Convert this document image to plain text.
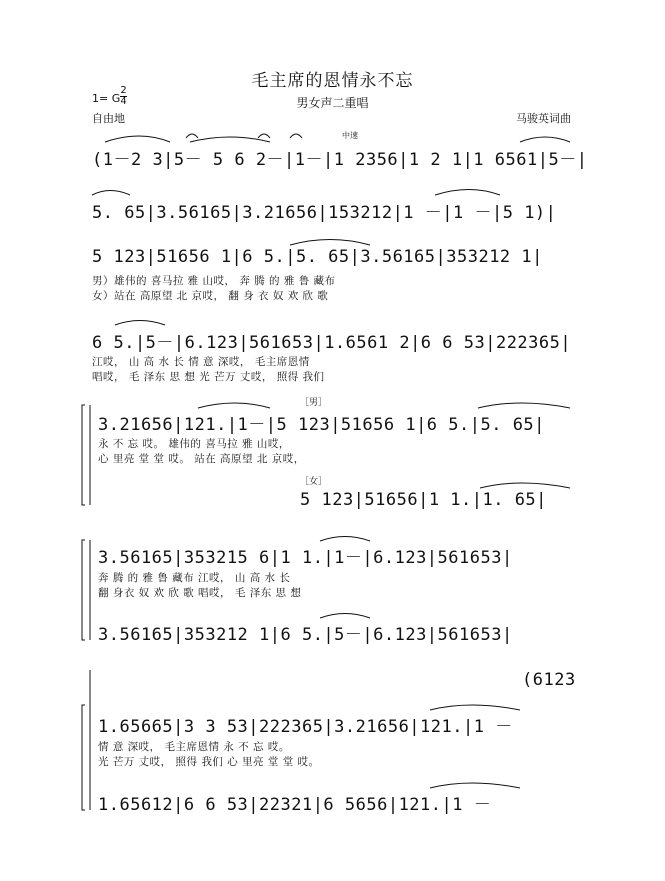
毛主席的恩情永不忘
男女声二重唱
1= G
2
4
自由地	马骏英词曲
中速
(1－2 3|5－ 5 6 2－|1－|1 2356|1 2 1|1 6561|5－|
5. 65|3.56165|3.21656|153212|1 －|1 －|5 1)|
5 123|51656 1|6 5.|5. 65|3.56165|353212 1|
男）雄伟的 喜马拉 雅 山哎， 奔 腾 的 雅 鲁 藏布
女）站在 高原望 北 京哎， 翻 身 衣 奴 欢 欣 歌
6 5.|5－|6.123|561653|1.6561 2|6 6 53|222365|
江哎， 山 高 水 长 情 意 深哎， 毛主席恩情
唱哎， 毛 泽东 思 想 光 芒万 丈哎， 照得 我们
［男］
3.21656|121.|1－|5 123|51656 1|6 5.|5. 65|
永 不 忘 哎。 雄伟的 喜马拉 雅 山哎，
心 里亮 堂 堂 哎。 站在 高原望 北 京哎，
［女］
5 123|51656|1 1.|1. 65|
3.56165|353215 6|1 1.|1－|6.123|561653|
奔 腾 的 雅 鲁 藏布 江哎， 山 高 水 长
翻 身衣 奴 欢 欣 歌 唱哎， 毛 泽东 思 想
3.56165|353212 1|6 5.|5－|6.123|561653|
(6123
1.65665|3 3 53|222365|3.21656|121.|1 －
情 意 深哎， 毛主席恩情 永 不 忘 哎。
光 芒万 丈哎， 照得 我们 心 里亮 堂 堂 哎。
1.65612|6 6 53|22321|6 5656|121.|1 －
